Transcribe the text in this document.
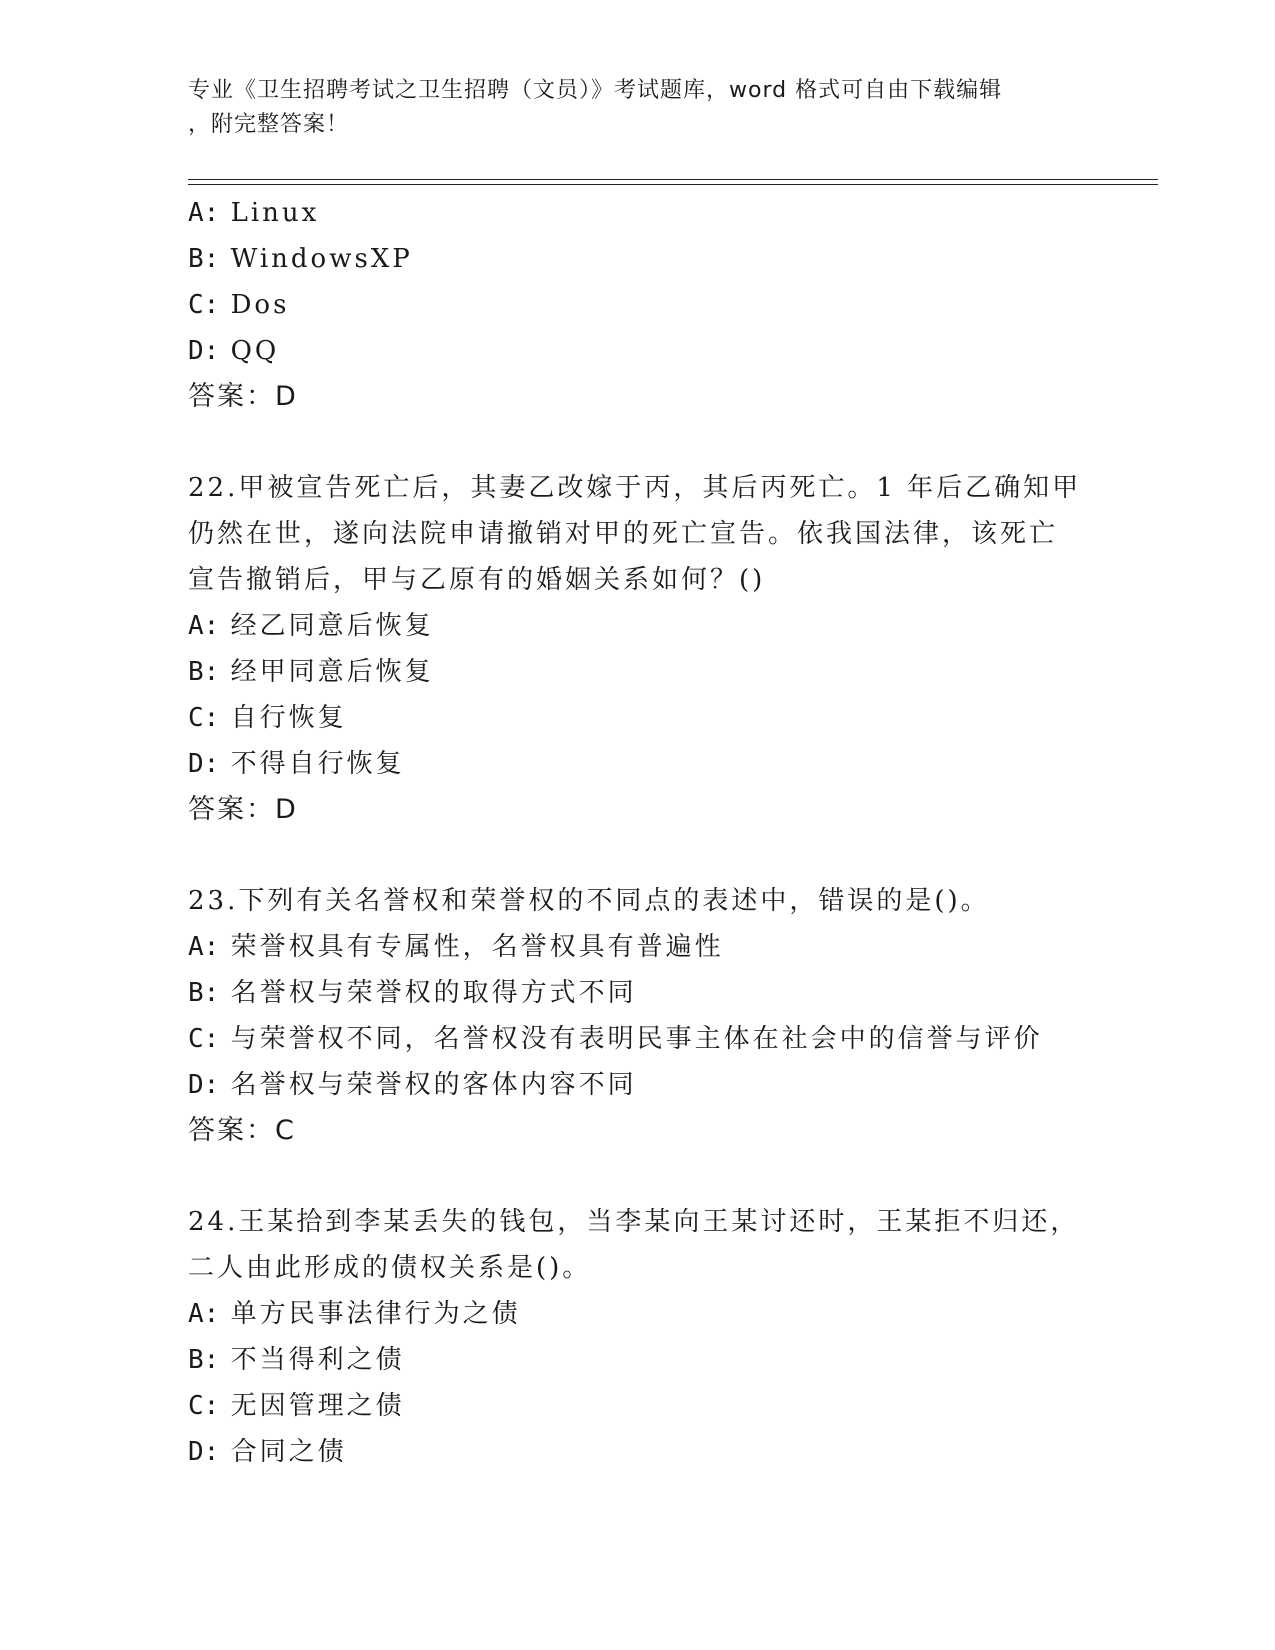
专业《卫生招聘考试之卫生招聘（文员）》考试题库，word 格式可自由下载编辑
，附完整答案！
A: Linux
B: WindowsXP
C: Dos
D: QQ
答案：D
22.甲被宣告死亡后，其妻乙改嫁于丙，其后丙死亡。1 年后乙确知甲
仍然在世，遂向法院申请撤销对甲的死亡宣告。依我国法律，该死亡
宣告撤销后，甲与乙原有的婚姻关系如何？()
A: 经乙同意后恢复
B: 经甲同意后恢复
C: 自行恢复
D: 不得自行恢复
答案：D
23.下列有关名誉权和荣誉权的不同点的表述中，错误的是()。
A: 荣誉权具有专属性，名誉权具有普遍性
B: 名誉权与荣誉权的取得方式不同
C: 与荣誉权不同，名誉权没有表明民事主体在社会中的信誉与评价
D: 名誉权与荣誉权的客体内容不同
答案：C
24.王某拾到李某丢失的钱包，当李某向王某讨还时，王某拒不归还，
二人由此形成的债权关系是()。
A: 单方民事法律行为之债
B: 不当得利之债
C: 无因管理之债
D: 合同之债
